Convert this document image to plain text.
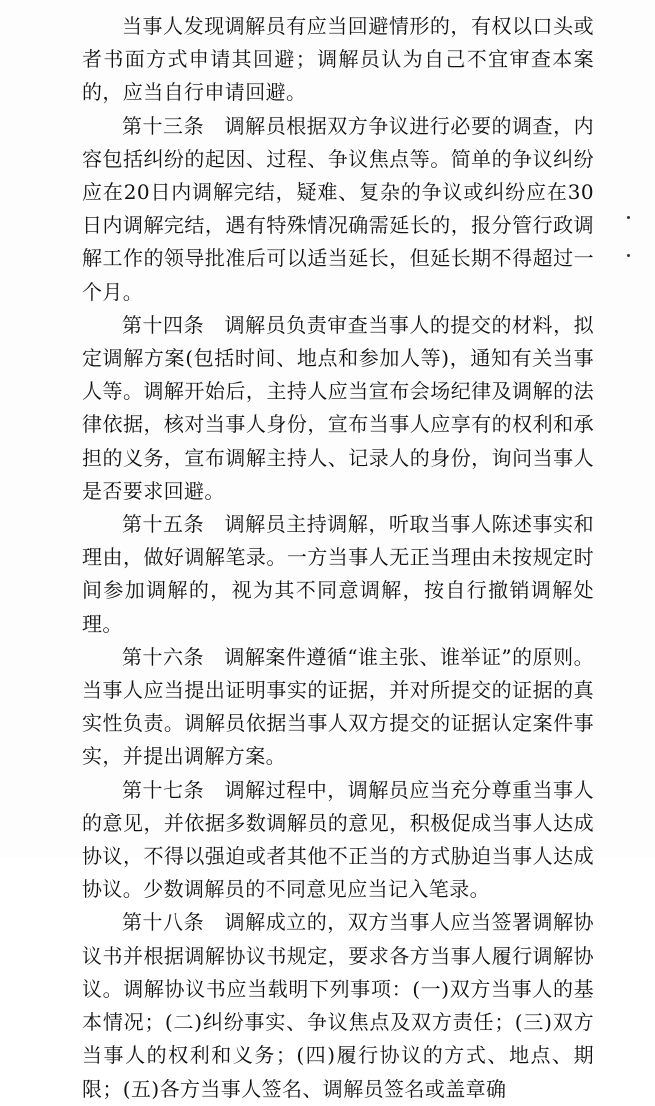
当事人发现调解员有应当回避情形的，有权以口头或者书面方式申请其回避；调解员认为自己不宜审查本案的，应当自行申请回避。

第十三条　调解员根据双方争议进行必要的调查，内容包括纠纷的起因、过程、争议焦点等。简单的争议纠纷应在20日内调解完结，疑难、复杂的争议或纠纷应在30日内调解完结，遇有特殊情况确需延长的，报分管行政调解工作的领导批准后可以适当延长，但延长期不得超过一个月。

第十四条　调解员负责审查当事人的提交的材料，拟定调解方案(包括时间、地点和参加人等)，通知有关当事人等。调解开始后，主持人应当宣布会场纪律及调解的法律依据，核对当事人身份，宣布当事人应享有的权利和承担的义务，宣布调解主持人、记录人的身份，询问当事人是否要求回避。

第十五条　调解员主持调解，听取当事人陈述事实和理由，做好调解笔录。一方当事人无正当理由未按规定时间参加调解的，视为其不同意调解，按自行撤销调解处理。

第十六条　调解案件遵循“谁主张、谁举证”的原则。当事人应当提出证明事实的证据，并对所提交的证据的真实性负责。调解员依据当事人双方提交的证据认定案件事实，并提出调解方案。

第十七条　调解过程中，调解员应当充分尊重当事人的意见，并依据多数调解员的意见，积极促成当事人达成协议，不得以强迫或者其他不正当的方式胁迫当事人达成协议。少数调解员的不同意见应当记入笔录。

第十八条　调解成立的，双方当事人应当签署调解协议书并根据调解协议书规定，要求各方当事人履行调解协议。调解协议书应当载明下列事项：(一)双方当事人的基本情况；(二)纠纷事实、争议焦点及双方责任；(三)双方当事人的权利和义务；(四)履行协议的方式、地点、期限；(五)各方当事人签名、调解员签名或盖章确
